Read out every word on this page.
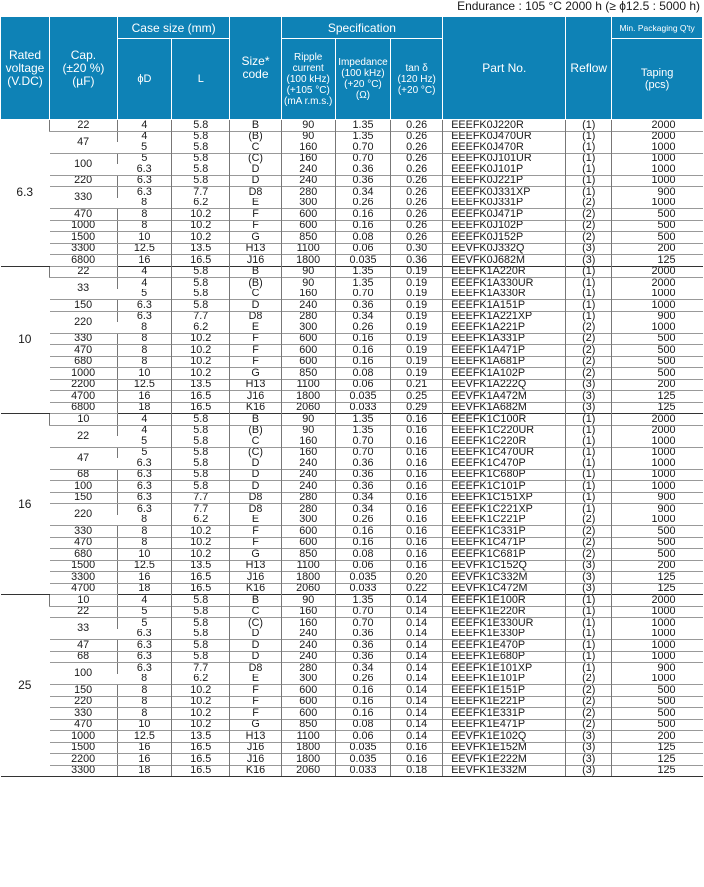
Endurance : 105 °C 2000 h (≥ ϕ12.5 : 5000 h)
Rated
voltage
(V.DC)	Cap.
(±20 %)
(µF)	Case size (mm)		Size*
code	Specification			Part No.	Reflow	Min. Packaging Q'ty
		ϕD	L		Ripple
current
(100 kHz)
(+105 °C)
(mA r.m.s.)	Impedance
(100 kHz)
(+20 °C)
(Ω)	tan δ
(120 Hz)
(+20 °C)			Taping
(pcs)
6.3	22	4	5.8	B	90	1.35	0.26	EEEFK0J220R	(1)	2000
	47	4	5.8	(B)	90	1.35	0.26	EEEFK0J470UR	(1)	2000
		5	5.8	C	160	0.70	0.26	EEEFK0J470R	(1)	1000
	100	5	5.8	(C)	160	0.70	0.26	EEEFK0J101UR	(1)	1000
		6.3	5.8	D	240	0.36	0.26	EEEFK0J101P	(1)	1000
	220	6.3	5.8	D	240	0.36	0.26	EEEFK0J221P	(1)	1000
	330	6.3	7.7	D8	280	0.34	0.26	EEEFK0J331XP	(1)	900
		8	6.2	E	300	0.26	0.26	EEEFK0J331P	(2)	1000
	470	8	10.2	F	600	0.16	0.26	EEEFK0J471P	(2)	500
	1000	8	10.2	F	600	0.16	0.26	EEEFK0J102P	(2)	500
	1500	10	10.2	G	850	0.08	0.26	EEEFK0J152P	(2)	500
	3300	12.5	13.5	H13	1100	0.06	0.30	EEVFK0J332Q	(3)	200
	6800	16	16.5	J16	1800	0.035	0.36	EEVFK0J682M	(3)	125
10	22	4	5.8	B	90	1.35	0.19	EEEFK1A220R	(1)	2000
	33	4	5.8	(B)	90	1.35	0.19	EEEFK1A330UR	(1)	2000
		5	5.8	C	160	0.70	0.19	EEEFK1A330R	(1)	1000
	150	6.3	5.8	D	240	0.36	0.19	EEEFK1A151P	(1)	1000
	220	6.3	7.7	D8	280	0.34	0.19	EEEFK1A221XP	(1)	900
		8	6.2	E	300	0.26	0.19	EEEFK1A221P	(2)	1000
	330	8	10.2	F	600	0.16	0.19	EEEFK1A331P	(2)	500
	470	8	10.2	F	600	0.16	0.19	EEEFK1A471P	(2)	500
	680	8	10.2	F	600	0.16	0.19	EEEFK1A681P	(2)	500
	1000	10	10.2	G	850	0.08	0.19	EEEFK1A102P	(2)	500
	2200	12.5	13.5	H13	1100	0.06	0.21	EEVFK1A222Q	(3)	200
	4700	16	16.5	J16	1800	0.035	0.25	EEVFK1A472M	(3)	125
	6800	18	16.5	K16	2060	0.033	0.29	EEVFK1A682M	(3)	125
16	10	4	5.8	B	90	1.35	0.16	EEEFK1C100R	(1)	2000
	22	4	5.8	(B)	90	1.35	0.16	EEEFK1C220UR	(1)	2000
		5	5.8	C	160	0.70	0.16	EEEFK1C220R	(1)	1000
	47	5	5.8	(C)	160	0.70	0.16	EEEFK1C470UR	(1)	1000
		6.3	5.8	D	240	0.36	0.16	EEEFK1C470P	(1)	1000
	68	6.3	5.8	D	240	0.36	0.16	EEEFK1C680P	(1)	1000
	100	6.3	5.8	D	240	0.36	0.16	EEEFK1C101P	(1)	1000
	150	6.3	7.7	D8	280	0.34	0.16	EEEFK1C151XP	(1)	900
	220	6.3	7.7	D8	280	0.34	0.16	EEEFK1C221XP	(1)	900
		8	6.2	E	300	0.26	0.16	EEEFK1C221P	(2)	1000
	330	8	10.2	F	600	0.16	0.16	EEEFK1C331P	(2)	500
	470	8	10.2	F	600	0.16	0.16	EEEFK1C471P	(2)	500
	680	10	10.2	G	850	0.08	0.16	EEEFK1C681P	(2)	500
	1500	12.5	13.5	H13	1100	0.06	0.16	EEVFK1C152Q	(3)	200
	3300	16	16.5	J16	1800	0.035	0.20	EEVFK1C332M	(3)	125
	4700	18	16.5	K16	2060	0.033	0.22	EEVFK1C472M	(3)	125
25	10	4	5.8	B	90	1.35	0.14	EEEFK1E100R	(1)	2000
	22	5	5.8	C	160	0.70	0.14	EEEFK1E220R	(1)	1000
	33	5	5.8	(C)	160	0.70	0.14	EEEFK1E330UR	(1)	1000
		6.3	5.8	D	240	0.36	0.14	EEEFK1E330P	(1)	1000
	47	6.3	5.8	D	240	0.36	0.14	EEEFK1E470P	(1)	1000
	68	6.3	5.8	D	240	0.36	0.14	EEEFK1E680P	(1)	1000
	100	6.3	7.7	D8	280	0.34	0.14	EEEFK1E101XP	(1)	900
		8	6.2	E	300	0.26	0.14	EEEFK1E101P	(2)	1000
	150	8	10.2	F	600	0.16	0.14	EEEFK1E151P	(2)	500
	220	8	10.2	F	600	0.16	0.14	EEEFK1E221P	(2)	500
	330	8	10.2	F	600	0.16	0.14	EEEFK1E331P	(2)	500
	470	10	10.2	G	850	0.08	0.14	EEEFK1E471P	(2)	500
	1000	12.5	13.5	H13	1100	0.06	0.14	EEVFK1E102Q	(3)	200
	1500	16	16.5	J16	1800	0.035	0.16	EEVFK1E152M	(3)	125
	2200	16	16.5	J16	1800	0.035	0.16	EEVFK1E222M	(3)	125
	3300	18	16.5	K16	2060	0.033	0.18	EEVFK1E332M	(3)	125
